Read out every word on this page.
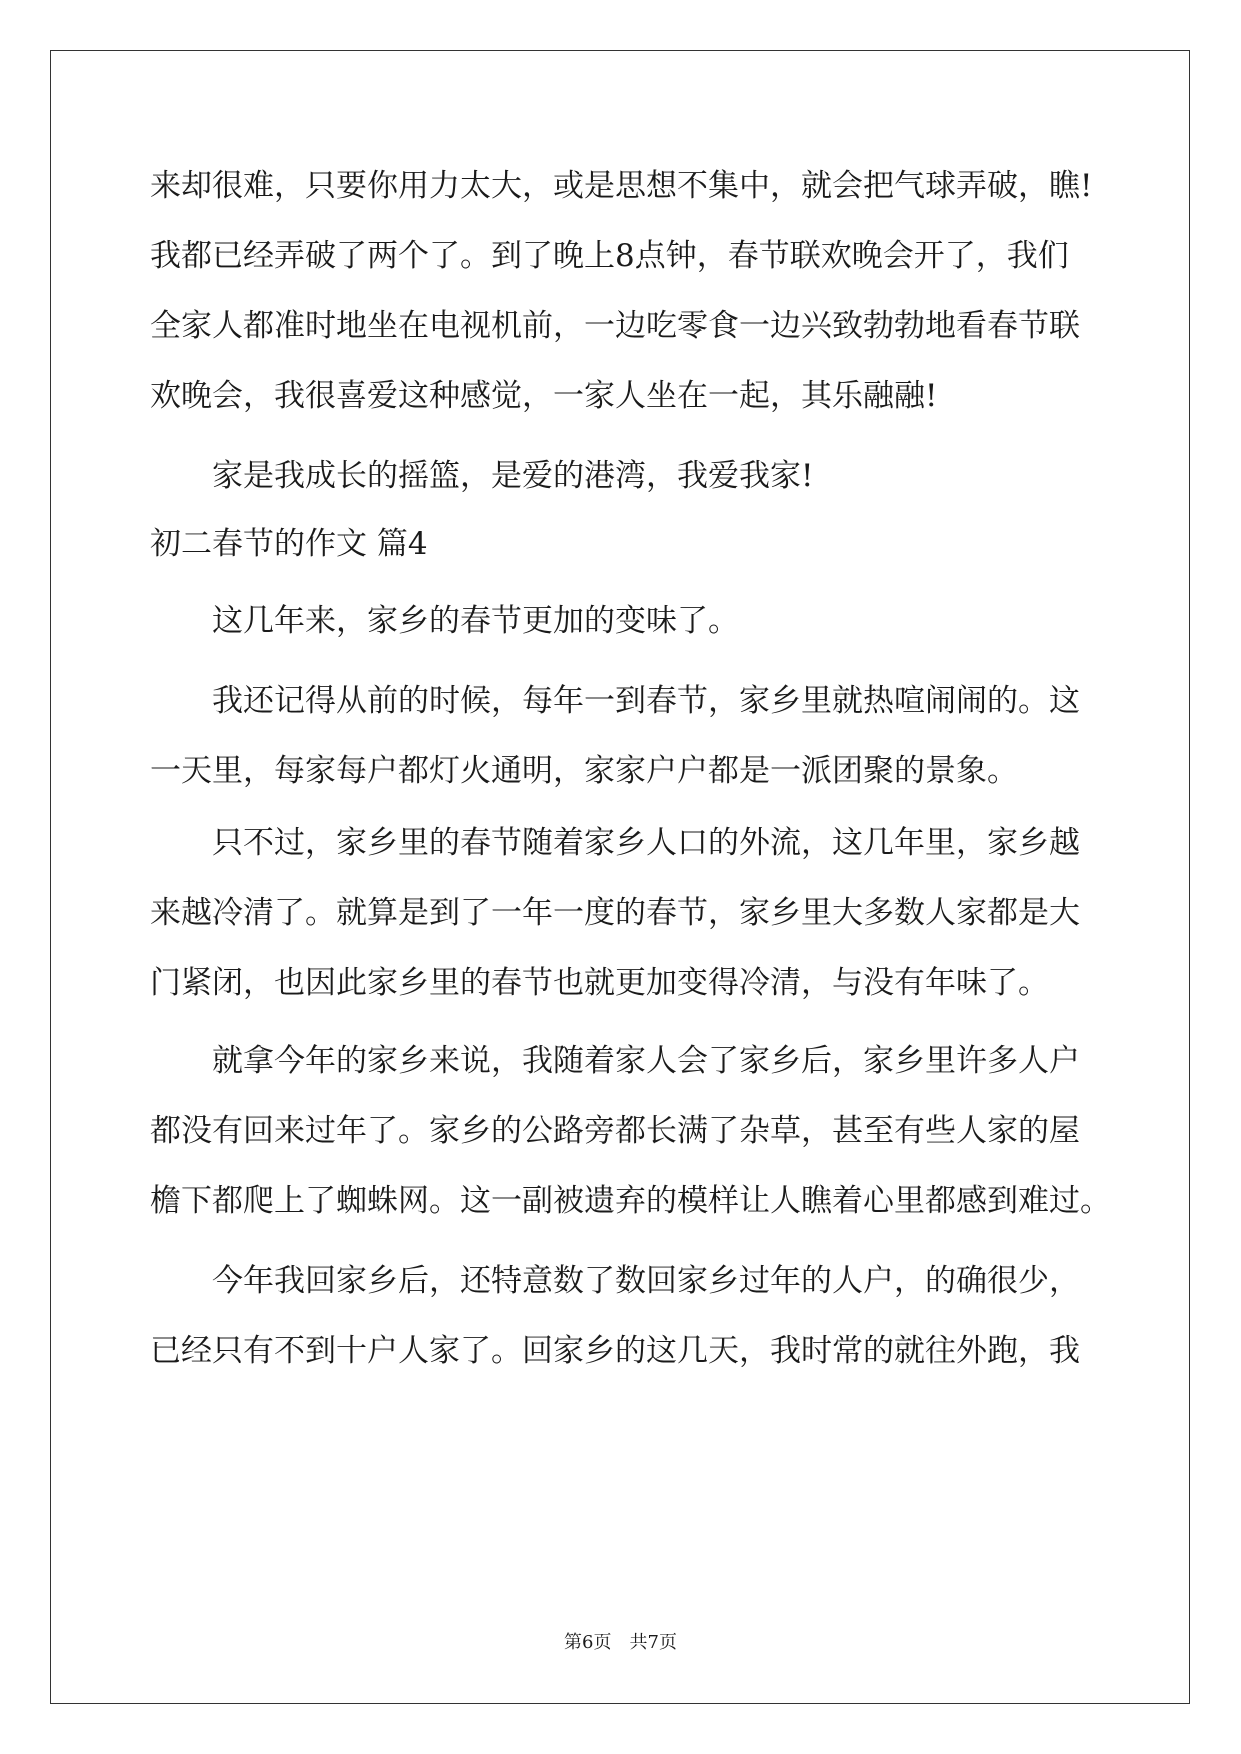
来却很难，只要你用力太大，或是思想不集中，就会把气球弄破，瞧!
我都已经弄破了两个了。到了晚上8点钟，春节联欢晚会开了，我们
全家人都准时地坐在电视机前，一边吃零食一边兴致勃勃地看春节联
欢晚会，我很喜爱这种感觉，一家人坐在一起，其乐融融!
　　家是我成长的摇篮，是爱的港湾，我爱我家!
初二春节的作文 篇4
　　这几年来，家乡的春节更加的变味了。
　　我还记得从前的时候，每年一到春节，家乡里就热喧闹闹的。这
一天里，每家每户都灯火通明，家家户户都是一派团聚的景象。
　　只不过，家乡里的春节随着家乡人口的外流，这几年里，家乡越
来越冷清了。就算是到了一年一度的春节，家乡里大多数人家都是大
门紧闭，也因此家乡里的春节也就更加变得冷清，与没有年味了。
　　就拿今年的家乡来说，我随着家人会了家乡后，家乡里许多人户
都没有回来过年了。家乡的公路旁都长满了杂草，甚至有些人家的屋
檐下都爬上了蜘蛛网。这一副被遗弃的模样让人瞧着心里都感到难过。
　　今年我回家乡后，还特意数了数回家乡过年的人户，的确很少，
已经只有不到十户人家了。回家乡的这几天，我时常的就往外跑，我
第6页 共7页
